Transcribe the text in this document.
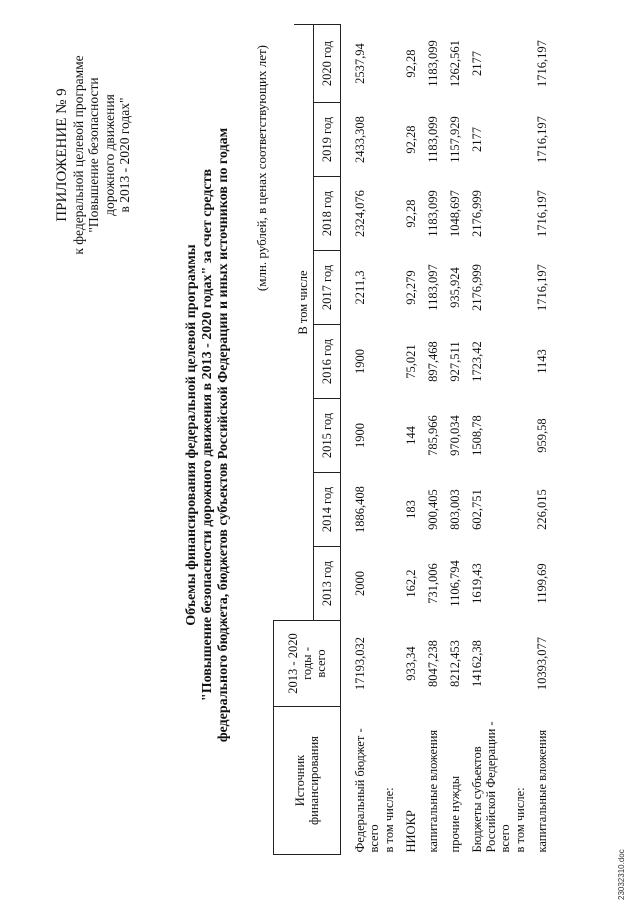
ПРИЛОЖЕНИЕ № 9 к федеральной целевой программе "Повышение безопасности дорожного движения в 2013 - 2020 годах"
Объемы финансирования федеральной целевой программы "Повышение безопасности дорожного движения в 2013 - 2020 годах" за счет средств федерального бюджета, бюджетов субъектов Российской Федерации и иных источников по годам (млн. рублей, в ценах соответствующих лет)
Источник финансирования	2013 - 2020 годы - всего								

		В том числе							
		2013 год	2014 год	2015 год	2016 год	2017 год	2018 год	2019 год	2020 год
Федеральный бюджет - всего в том числе:	17193,032	2000	1886,408	1900	1900	2211,3	2324,076	2433,308	2537,94
НИОКР	933,34	162,2	183	144	75,021	92,279	92,28	92,28	92,28
капитальные вложения	8047,238	731,006	900,405	785,966	897,468	1183,097	1183,099	1183,099	1183,099
прочие нужды	8212,453	1106,794	803,003	970,034	927,511	935,924	1048,697	1157,929	1262,561
Бюджеты субъектов Российской Федерации - всего в том числе:	14162,38	1619,43	602,751	1508,78	1723,42	2176,999	2176,999	2177	2177
капитальные вложения	10393,077	1199,69	226,015	959,58	1143	1716,197	1716,197	1716,197	1716,197
23032310.doc
